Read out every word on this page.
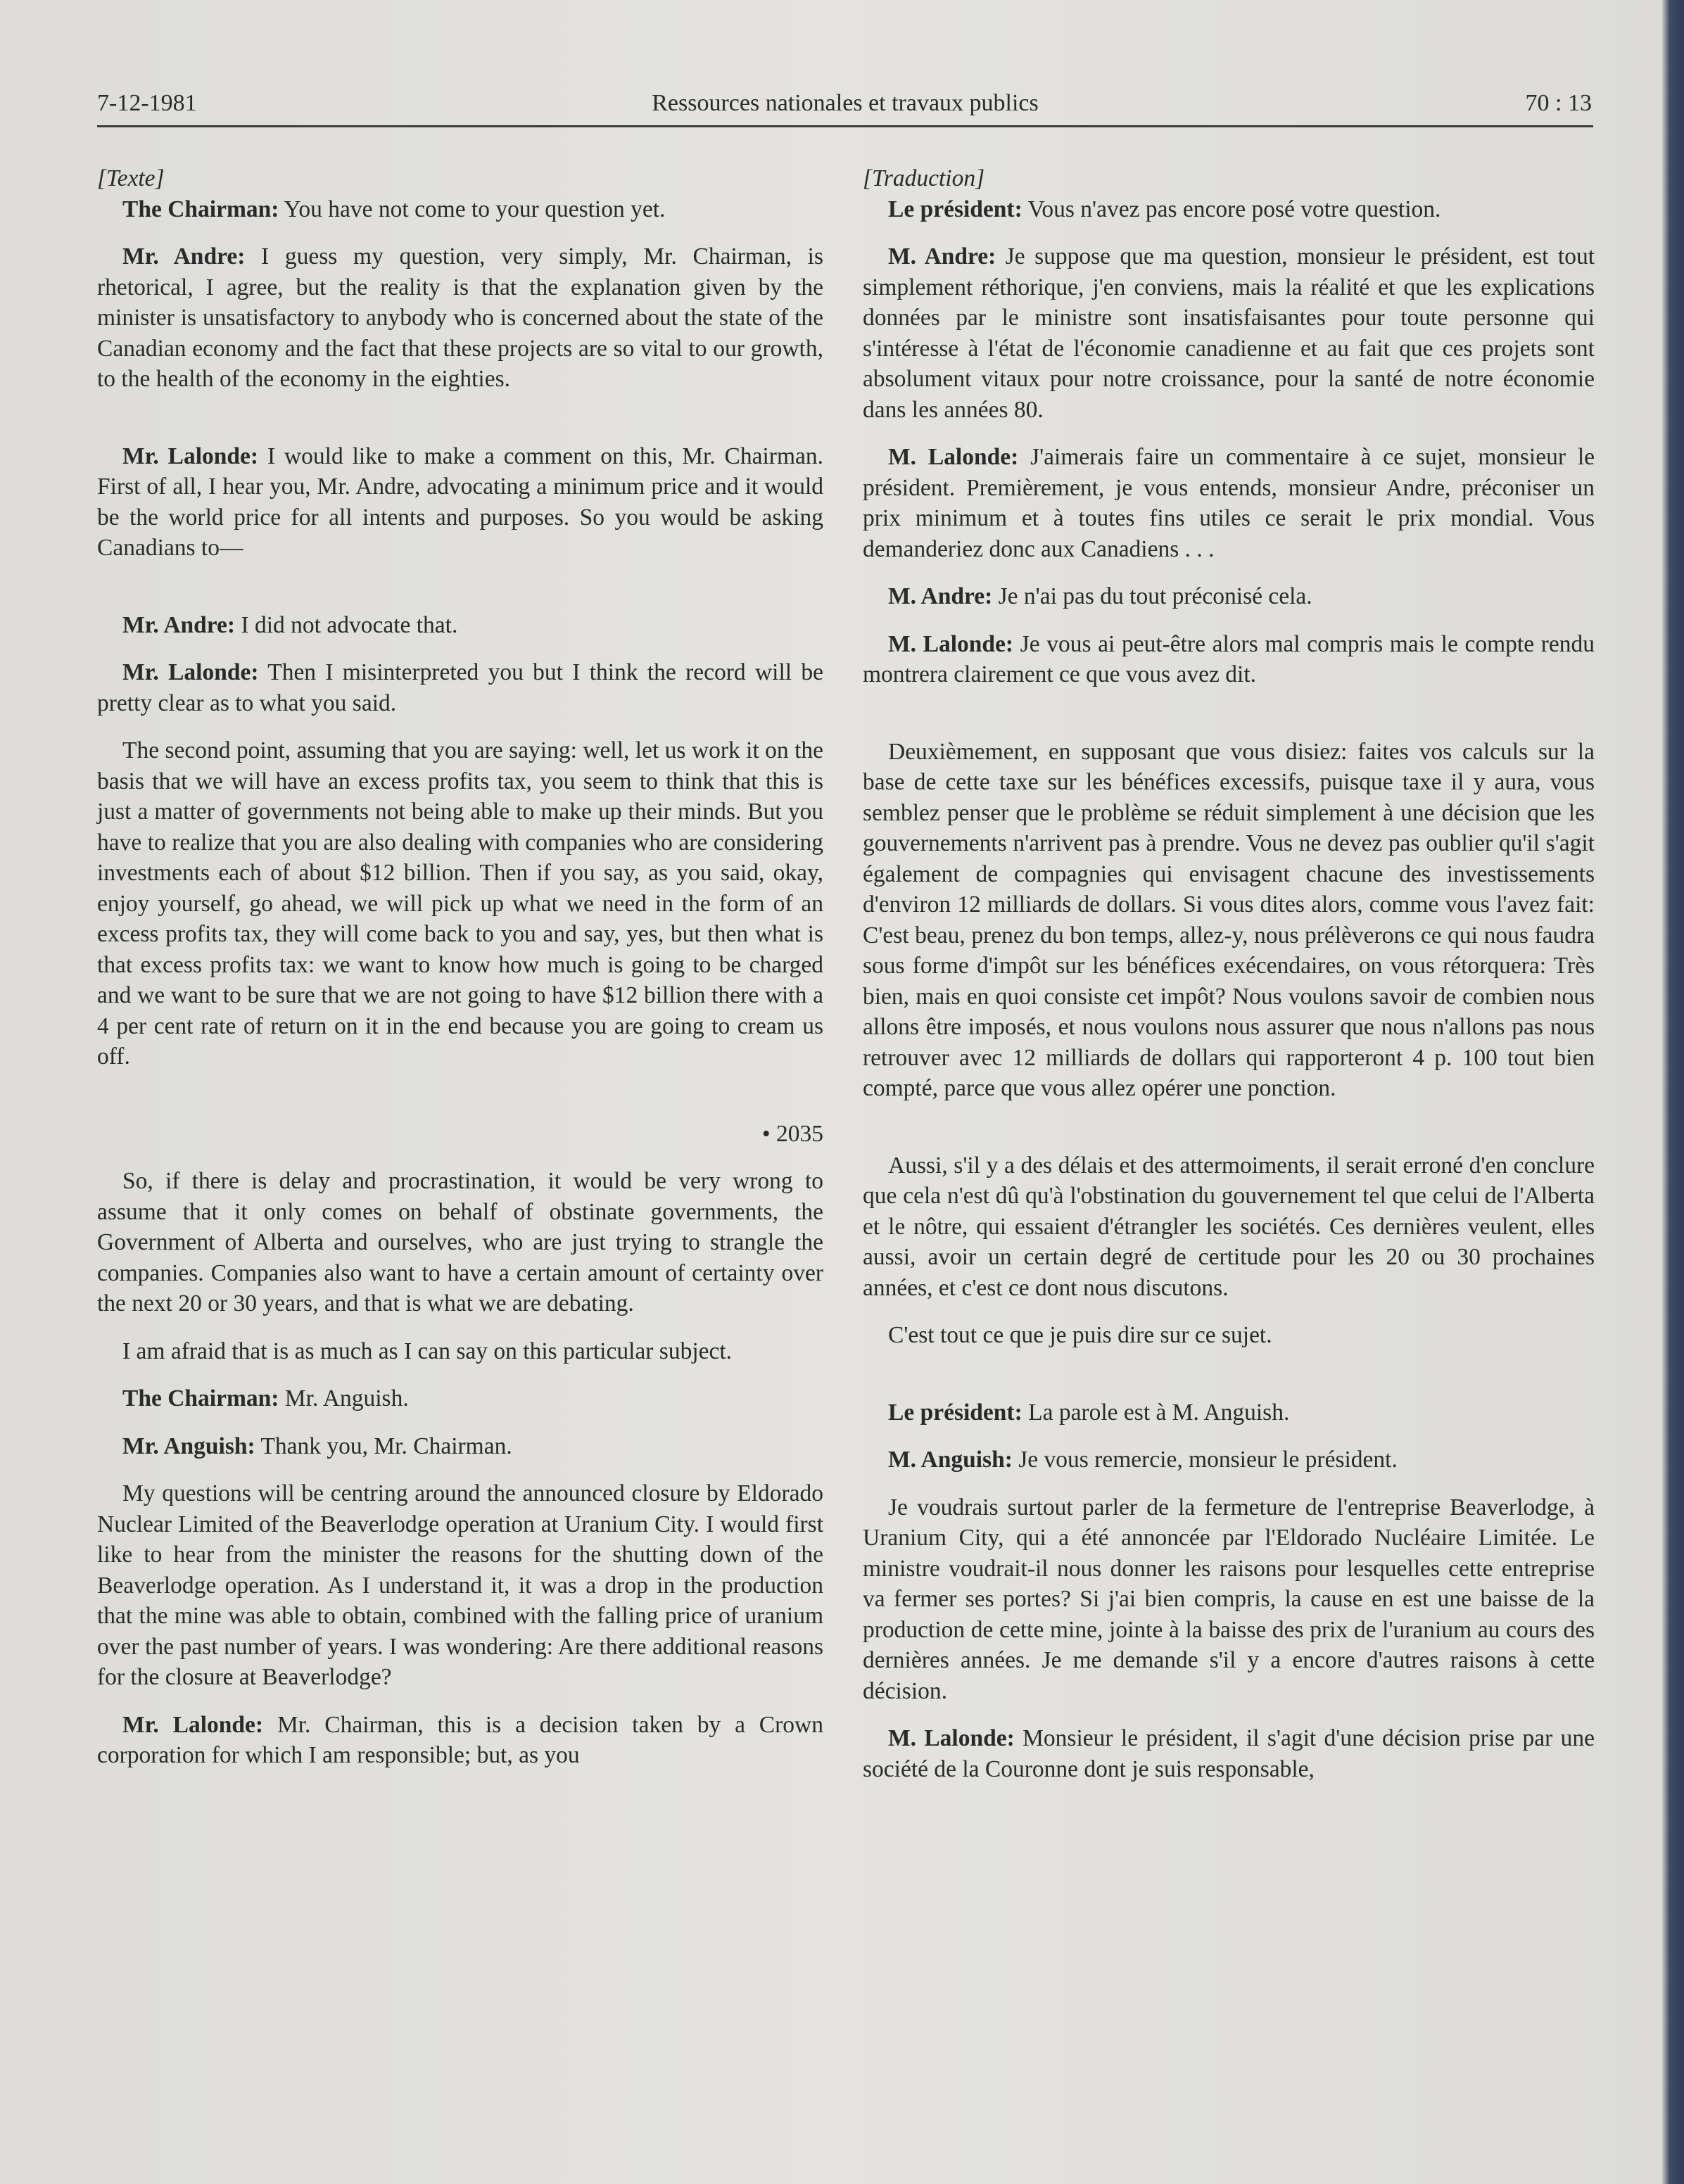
7-12-1981	Ressources nationales et travaux publics	70 : 13

[Texte]

The Chairman: You have not come to your question yet.

Mr. Andre: I guess my question, very simply, Mr. Chairman, is rhetorical, I agree, but the reality is that the explanation given by the minister is unsatisfactory to anybody who is concerned about the state of the Canadian economy and the fact that these projects are so vital to our growth, to the health of the economy in the eighties.

Mr. Lalonde: I would like to make a comment on this, Mr. Chairman. First of all, I hear you, Mr. Andre, advocating a minimum price and it would be the world price for all intents and purposes. So you would be asking Canadians to—

Mr. Andre: I did not advocate that.

Mr. Lalonde: Then I misinterpreted you but I think the record will be pretty clear as to what you said.

The second point, assuming that you are saying: well, let us work it on the basis that we will have an excess profits tax, you seem to think that this is just a matter of governments not being able to make up their minds. But you have to realize that you are also dealing with companies who are considering investments each of about $12 billion. Then if you say, as you said, okay, enjoy yourself, go ahead, we will pick up what we need in the form of an excess profits tax, they will come back to you and say, yes, but then what is that excess profits tax: we want to know how much is going to be charged and we want to be sure that we are not going to have $12 billion there with a 4 per cent rate of return on it in the end because you are going to cream us off.

• 2035

So, if there is delay and procrastination, it would be very wrong to assume that it only comes on behalf of obstinate governments, the Government of Alberta and ourselves, who are just trying to strangle the companies. Companies also want to have a certain amount of certainty over the next 20 or 30 years, and that is what we are debating.

I am afraid that is as much as I can say on this particular subject.

The Chairman: Mr. Anguish.

Mr. Anguish: Thank you, Mr. Chairman.

My questions will be centring around the announced closure by Eldorado Nuclear Limited of the Beaverlodge operation at Uranium City. I would first like to hear from the minister the reasons for the shutting down of the Beaverlodge operation. As I understand it, it was a drop in the production that the mine was able to obtain, combined with the falling price of uranium over the past number of years. I was wondering: Are there additional reasons for the closure at Beaverlodge?

Mr. Lalonde: Mr. Chairman, this is a decision taken by a Crown corporation for which I am responsible; but, as you

[Traduction]

Le président: Vous n'avez pas encore posé votre question.

M. Andre: Je suppose que ma question, monsieur le président, est tout simplement réthorique, j'en conviens, mais la réalité et que les explications données par le ministre sont insatisfaisantes pour toute personne qui s'intéresse à l'état de l'économie canadienne et au fait que ces projets sont absolument vitaux pour notre croissance, pour la santé de notre économie dans les années 80.

M. Lalonde: J'aimerais faire un commentaire à ce sujet, monsieur le président. Premièrement, je vous entends, monsieur Andre, préconiser un prix minimum et à toutes fins utiles ce serait le prix mondial. Vous demanderiez donc aux Canadiens . . .

M. Andre: Je n'ai pas du tout préconisé cela.

M. Lalonde: Je vous ai peut-être alors mal compris mais le compte rendu montrera clairement ce que vous avez dit.

Deuxièmement, en supposant que vous disiez: faites vos calculs sur la base de cette taxe sur les bénéfices excessifs, puisque taxe il y aura, vous semblez penser que le problème se réduit simplement à une décision que les gouvernements n'arrivent pas à prendre. Vous ne devez pas oublier qu'il s'agit également de compagnies qui envisagent chacune des investissements d'environ 12 milliards de dollars. Si vous dites alors, comme vous l'avez fait: C'est beau, prenez du bon temps, allez-y, nous prélèverons ce qui nous faudra sous forme d'impôt sur les bénéfices exécendaires, on vous rétorquera: Très bien, mais en quoi consiste cet impôt? Nous voulons savoir de combien nous allons être imposés, et nous voulons nous assurer que nous n'allons pas nous retrouver avec 12 milliards de dollars qui rapporteront 4 p. 100 tout bien compté, parce que vous allez opérer une ponction.

Aussi, s'il y a des délais et des attermoiments, il serait erroné d'en conclure que cela n'est dû qu'à l'obstination du gouvernement tel que celui de l'Alberta et le nôtre, qui essaient d'étrangler les sociétés. Ces dernières veulent, elles aussi, avoir un certain degré de certitude pour les 20 ou 30 prochaines années, et c'est ce dont nous discutons.

C'est tout ce que je puis dire sur ce sujet.

Le président: La parole est à M. Anguish.

M. Anguish: Je vous remercie, monsieur le président.

Je voudrais surtout parler de la fermeture de l'entreprise Beaverlodge, à Uranium City, qui a été annoncée par l'Eldorado Nucléaire Limitée. Le ministre voudrait-il nous donner les raisons pour lesquelles cette entreprise va fermer ses portes? Si j'ai bien compris, la cause en est une baisse de la production de cette mine, jointe à la baisse des prix de l'uranium au cours des dernières années. Je me demande s'il y a encore d'autres raisons à cette décision.

M. Lalonde: Monsieur le président, il s'agit d'une décision prise par une société de la Couronne dont je suis responsable,
